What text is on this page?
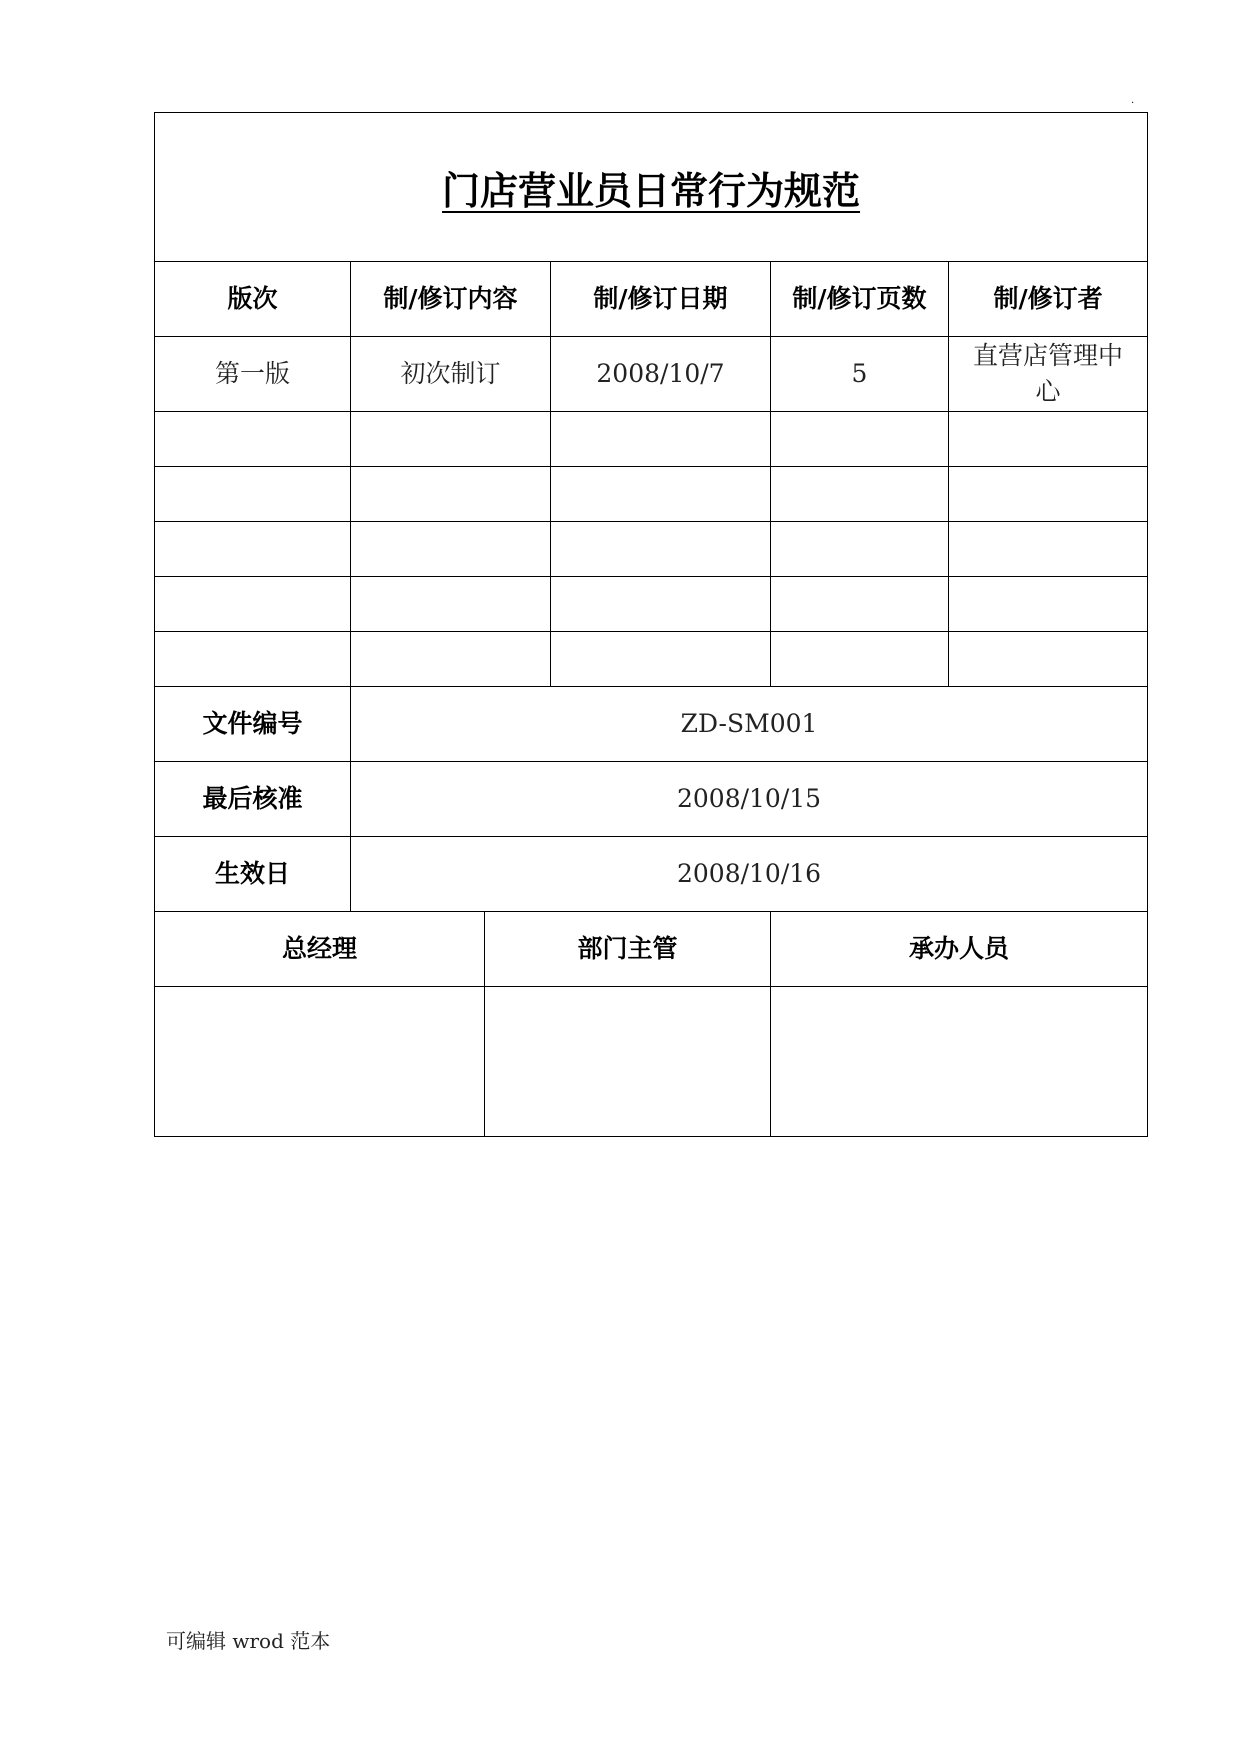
.
门店营业员日常行为规范					
版次	制/修订内容		制/修订日期	制/修订页数	制/修订者
第一版	初次制订		2008/10/7	5	直营店管理中心

文件编号	ZD-SM001				
最后核准	2008/10/15				
生效日	2008/10/16				
总经理		部门主管		承办人员	

可编辑 wrod 范本
